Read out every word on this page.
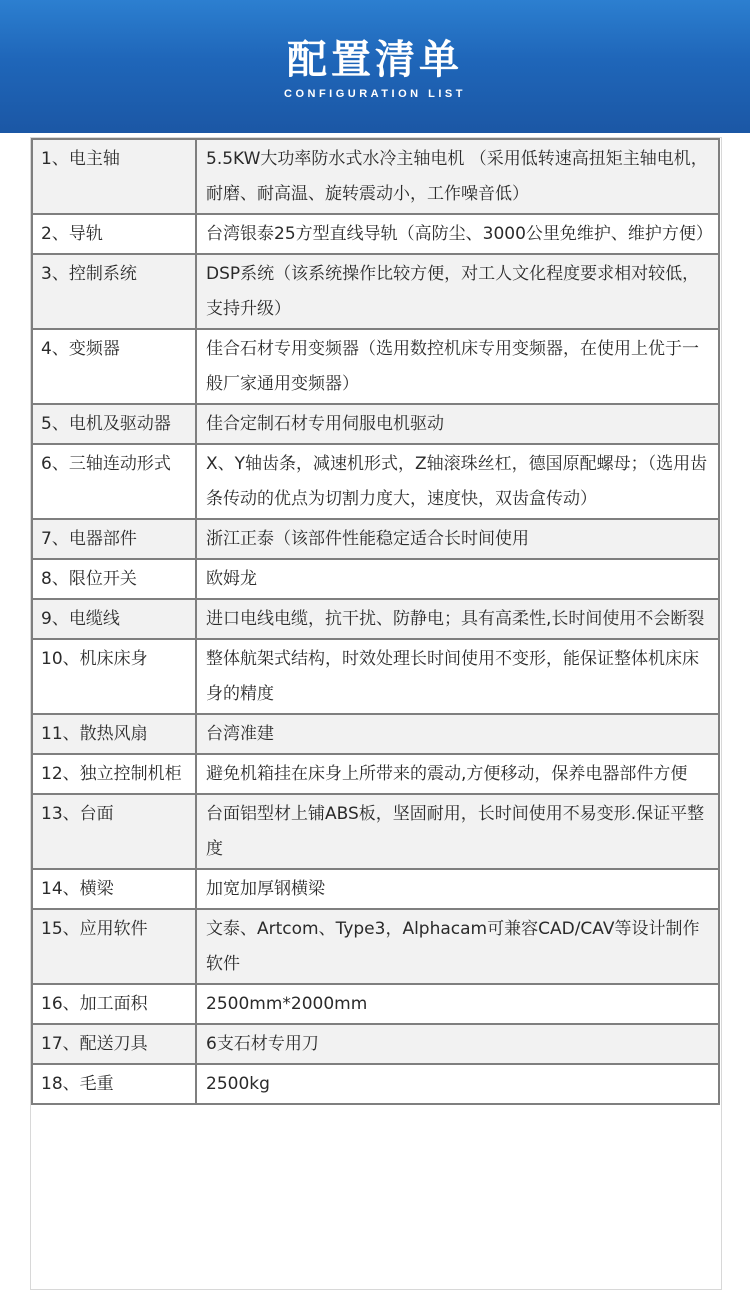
配置清单
CONFIGURATION LIST
1、电主轴	5.5KW大功率防水式水冷主轴电机 （采用低转速高扭矩主轴电机，耐磨、耐高温、旋转震动小，工作噪音低）
2、导轨	台湾银泰25方型直线导轨（高防尘、3000公里免维护、维护方便）
3、控制系统	DSP系统（该系统操作比较方便，对工人文化程度要求相对较低，支持升级）
4、变频器	佳合石材专用变频器（选用数控机床专用变频器，在使用上优于一般厂家通用变频器）
5、电机及驱动器	佳合定制石材专用伺服电机驱动
6、三轴连动形式	X、Y轴齿条，减速机形式，Z轴滚珠丝杠，德国原配螺母；（选用齿条传动的优点为切割力度大，速度快，双齿盒传动）
7、电器部件	浙江正泰（该部件性能稳定适合长时间使用
8、限位开关	欧姆龙
9、电缆线	进口电线电缆，抗干扰、防静电；具有高柔性,长时间使用不会断裂
10、机床床身	整体航架式结构，时效处理长时间使用不变形，能保证整体机床床身的精度
11、散热风扇	台湾准建
12、独立控制机柜	避免机箱挂在床身上所带来的震动,方便移动，保养电器部件方便
13、台面	台面铝型材上铺ABS板，坚固耐用，长时间使用不易变形.保证平整度
14、横梁	加宽加厚钢横梁
15、应用软件	文泰、Artcom、Type3，Alphacam可兼容CAD/CAV等设计制作软件
16、加工面积	2500mm*2000mm
17、配送刀具	6支石材专用刀
18、毛重	2500kg
